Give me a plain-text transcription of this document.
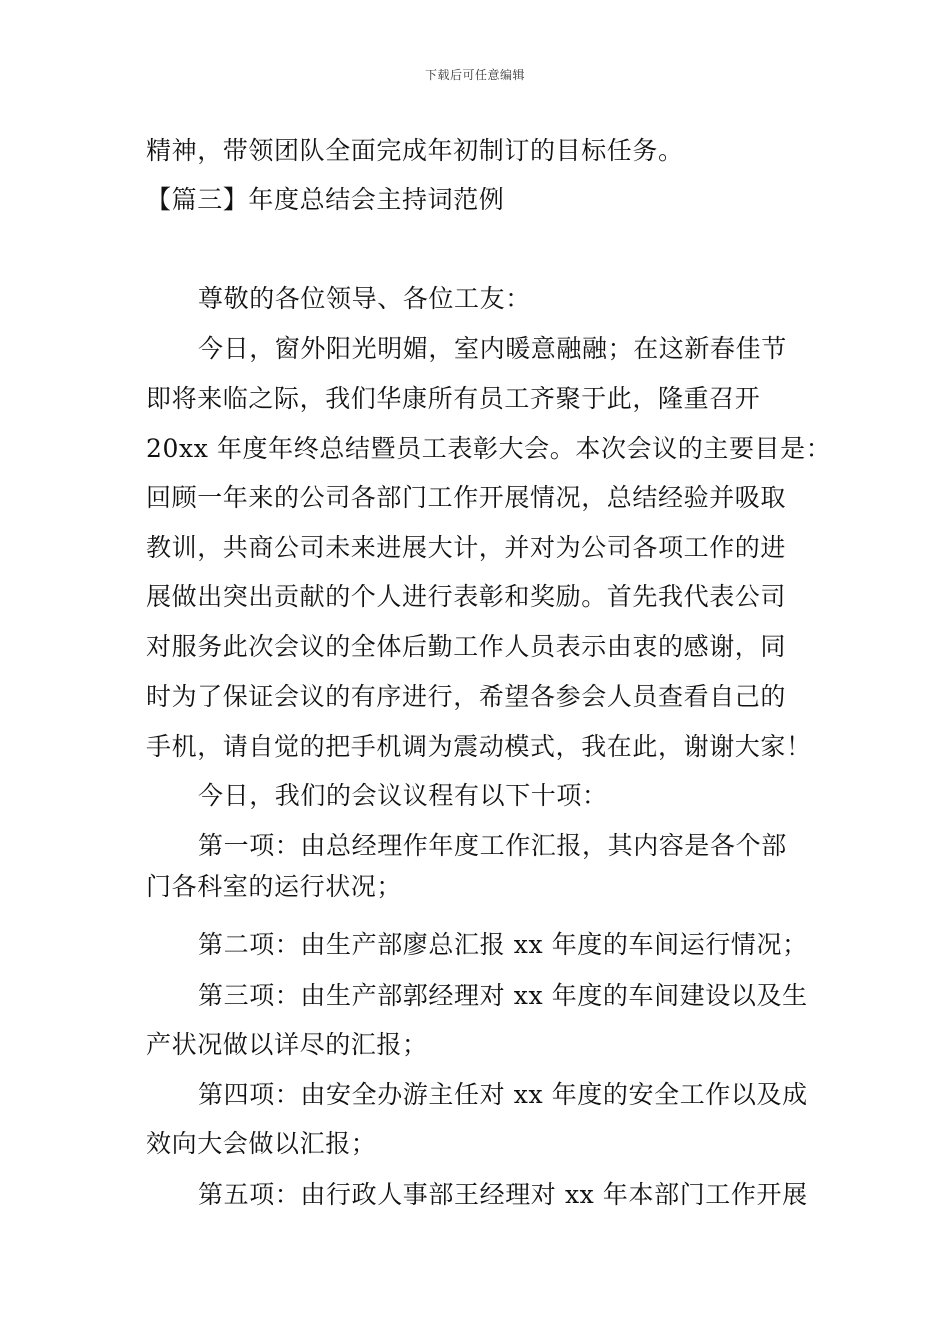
下载后可任意编辑
精神，带领团队全面完成年初制订的目标任务。
【篇三】年度总结会主持词范例
尊敬的各位领导、各位工友：
今日，窗外阳光明媚，室内暖意融融；在这新春佳节
即将来临之际，我们华康所有员工齐聚于此，隆重召开
20xx 年度年终总结暨员工表彰大会。本次会议的主要目是：
回顾一年来的公司各部门工作开展情况，总结经验并吸取
教训，共商公司未来进展大计，并对为公司各项工作的进
展做出突出贡献的个人进行表彰和奖励。首先我代表公司
对服务此次会议的全体后勤工作人员表示由衷的感谢，同
时为了保证会议的有序进行，希望各参会人员查看自己的
手机，请自觉的把手机调为震动模式，我在此，谢谢大家！
今日，我们的会议议程有以下十项：
第一项：由总经理作年度工作汇报，其内容是各个部
门各科室的运行状况；
第二项：由生产部廖总汇报 xx 年度的车间运行情况；
第三项：由生产部郭经理对 xx 年度的车间建设以及生
产状况做以详尽的汇报；
第四项：由安全办游主任对 xx 年度的安全工作以及成
效向大会做以汇报；
第五项：由行政人事部王经理对 xx 年本部门工作开展
